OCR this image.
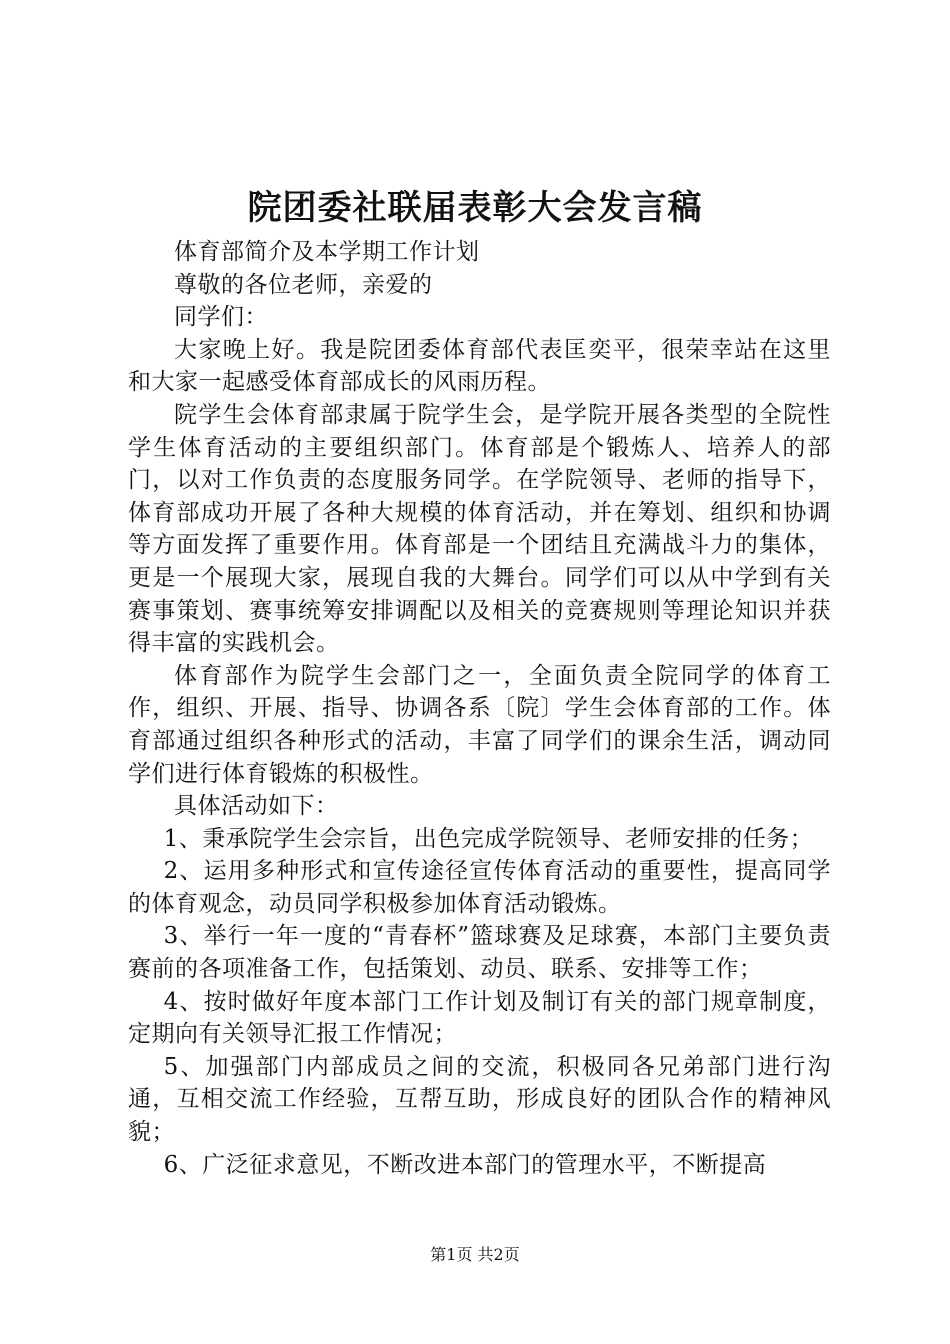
院团委社联届表彰大会发言稿

体育部简介及本学期工作计划

尊敬的各位老师，亲爱的

同学们：

大家晚上好。我是院团委体育部代表匡奕平，很荣幸站在这里和大家一起感受体育部成长的风雨历程。

院学生会体育部隶属于院学生会，是学院开展各类型的全院性学生体育活动的主要组织部门。体育部是个锻炼人、培养人的部门，以对工作负责的态度服务同学。在学院领导、老师的指导下，体育部成功开展了各种大规模的体育活动，并在筹划、组织和协调等方面发挥了重要作用。体育部是一个团结且充满战斗力的集体，更是一个展现大家，展现自我的大舞台。同学们可以从中学到有关赛事策划、赛事统筹安排调配以及相关的竞赛规则等理论知识并获得丰富的实践机会。

体育部作为院学生会部门之一，全面负责全院同学的体育工作，组织、开展、指导、协调各系〔院〕学生会体育部的工作。体育部通过组织各种形式的活动，丰富了同学们的课余生活，调动同学们进行体育锻炼的积极性。

具体活动如下：

1、秉承院学生会宗旨，出色完成学院领导、老师安排的任务；

2、运用多种形式和宣传途径宣传体育活动的重要性，提高同学的体育观念，动员同学积极参加体育活动锻炼。

3、举行一年一度的“青春杯”篮球赛及足球赛，本部门主要负责赛前的各项准备工作，包括策划、动员、联系、安排等工作；

4、按时做好年度本部门工作计划及制订有关的部门规章制度，定期向有关领导汇报工作情况；

5、加强部门内部成员之间的交流，积极同各兄弟部门进行沟通，互相交流工作经验，互帮互助，形成良好的团队合作的精神风貌；

6、广泛征求意见，不断改进本部门的管理水平，不断提高

第1页 共2页
